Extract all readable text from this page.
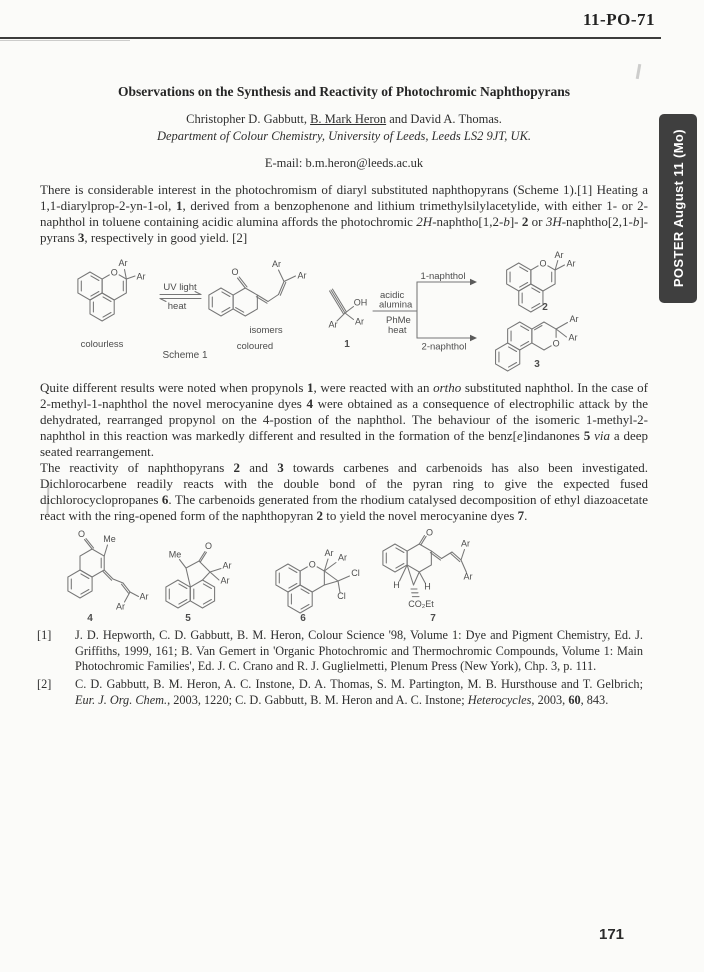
11-PO-71
Observations on the Synthesis and Reactivity of Photochromic Naphthopyrans
Christopher D. Gabbutt, B. Mark Heron and David A. Thomas.
Department of Colour Chemistry, University of Leeds, Leeds LS2 9JT, UK.
E-mail: b.m.heron@leeds.ac.uk
There is considerable interest in the photochromism of diaryl substituted naphthopyrans (Scheme 1).[1] Heating a 1,1-diarylprop-2-yn-1-ol, 1, derived from a benzophenone and lithium trimethylsilylacetylide, with either 1- or 2- naphthol in toluene containing acidic alumina affords the photochromic 2H-naphtho[1,2-b]- 2 or 3H-naphtho[2,1-b]- pyrans 3, respectively in good yield. [2]
O
Ar
Ar
colourless
UV light
heat
O
Ar
Ar
isomers
coloured
Scheme 1
OH
Ar Ar
1
acidic
alumina
PhMe
heat
1-naphthol
2-naphthol
O
Ar
Ar
2
O
Ar
Ar
3
Quite different results were noted when propynols 1, were reacted with an ortho substituted naphthol. In the case of 2-methyl-1-naphthol the novel merocyanine dyes 4 were obtained as a consequence of electrophilic attack by the dehydrated, rearranged propynol on the 4-postion of the naphthol. The behaviour of the isomeric 1-methyl-2-naphthol in this reaction was markedly different and resulted in the formation of the benz[e]indanones 5 via a deep seated rearrangement.
The reactivity of naphthopyrans 2 and 3 towards carbenes and carbenoids has also been investigated. Dichlorocarbene readily reacts with the double bond of the pyran ring to give the expected fused dichlorocyclopropanes 6. The carbenoids generated from the rhodium catalysed decomposition of ethyl diazoacetate react with the ring-opened form of the naphthopyran 2 to yield the novel merocyanine dyes 7.
O Me
Ar
Ar
4
Me
O
Ar
Ar
5
O
Ar Ar
Cl
Cl
6
O
Ar
Ar
H	H
CO₂Et
7
[1]	J. D. Hepworth, C. D. Gabbutt, B. M. Heron, Colour Science '98, Volume 1: Dye and Pigment Chemistry, Ed. J. Griffiths, 1999, 161; B. Van Gemert in 'Organic Photochromic and Thermochromic Compounds, Volume 1: Main Photochromic Families', Ed. J. C. Crano and R. J. Guglielmetti, Plenum Press (New York), Chp. 3, p. 111.
[2]	C. D. Gabbutt, B. M. Heron, A. C. Instone, D. A. Thomas, S. M. Partington, M. B. Hursthouse and T. Gelbrich; Eur. J. Org. Chem., 2003, 1220; C. D. Gabbutt, B. M. Heron and A. C. Instone; Heterocycles, 2003, 60, 843.
POSTER August 11 (Mo)
171
